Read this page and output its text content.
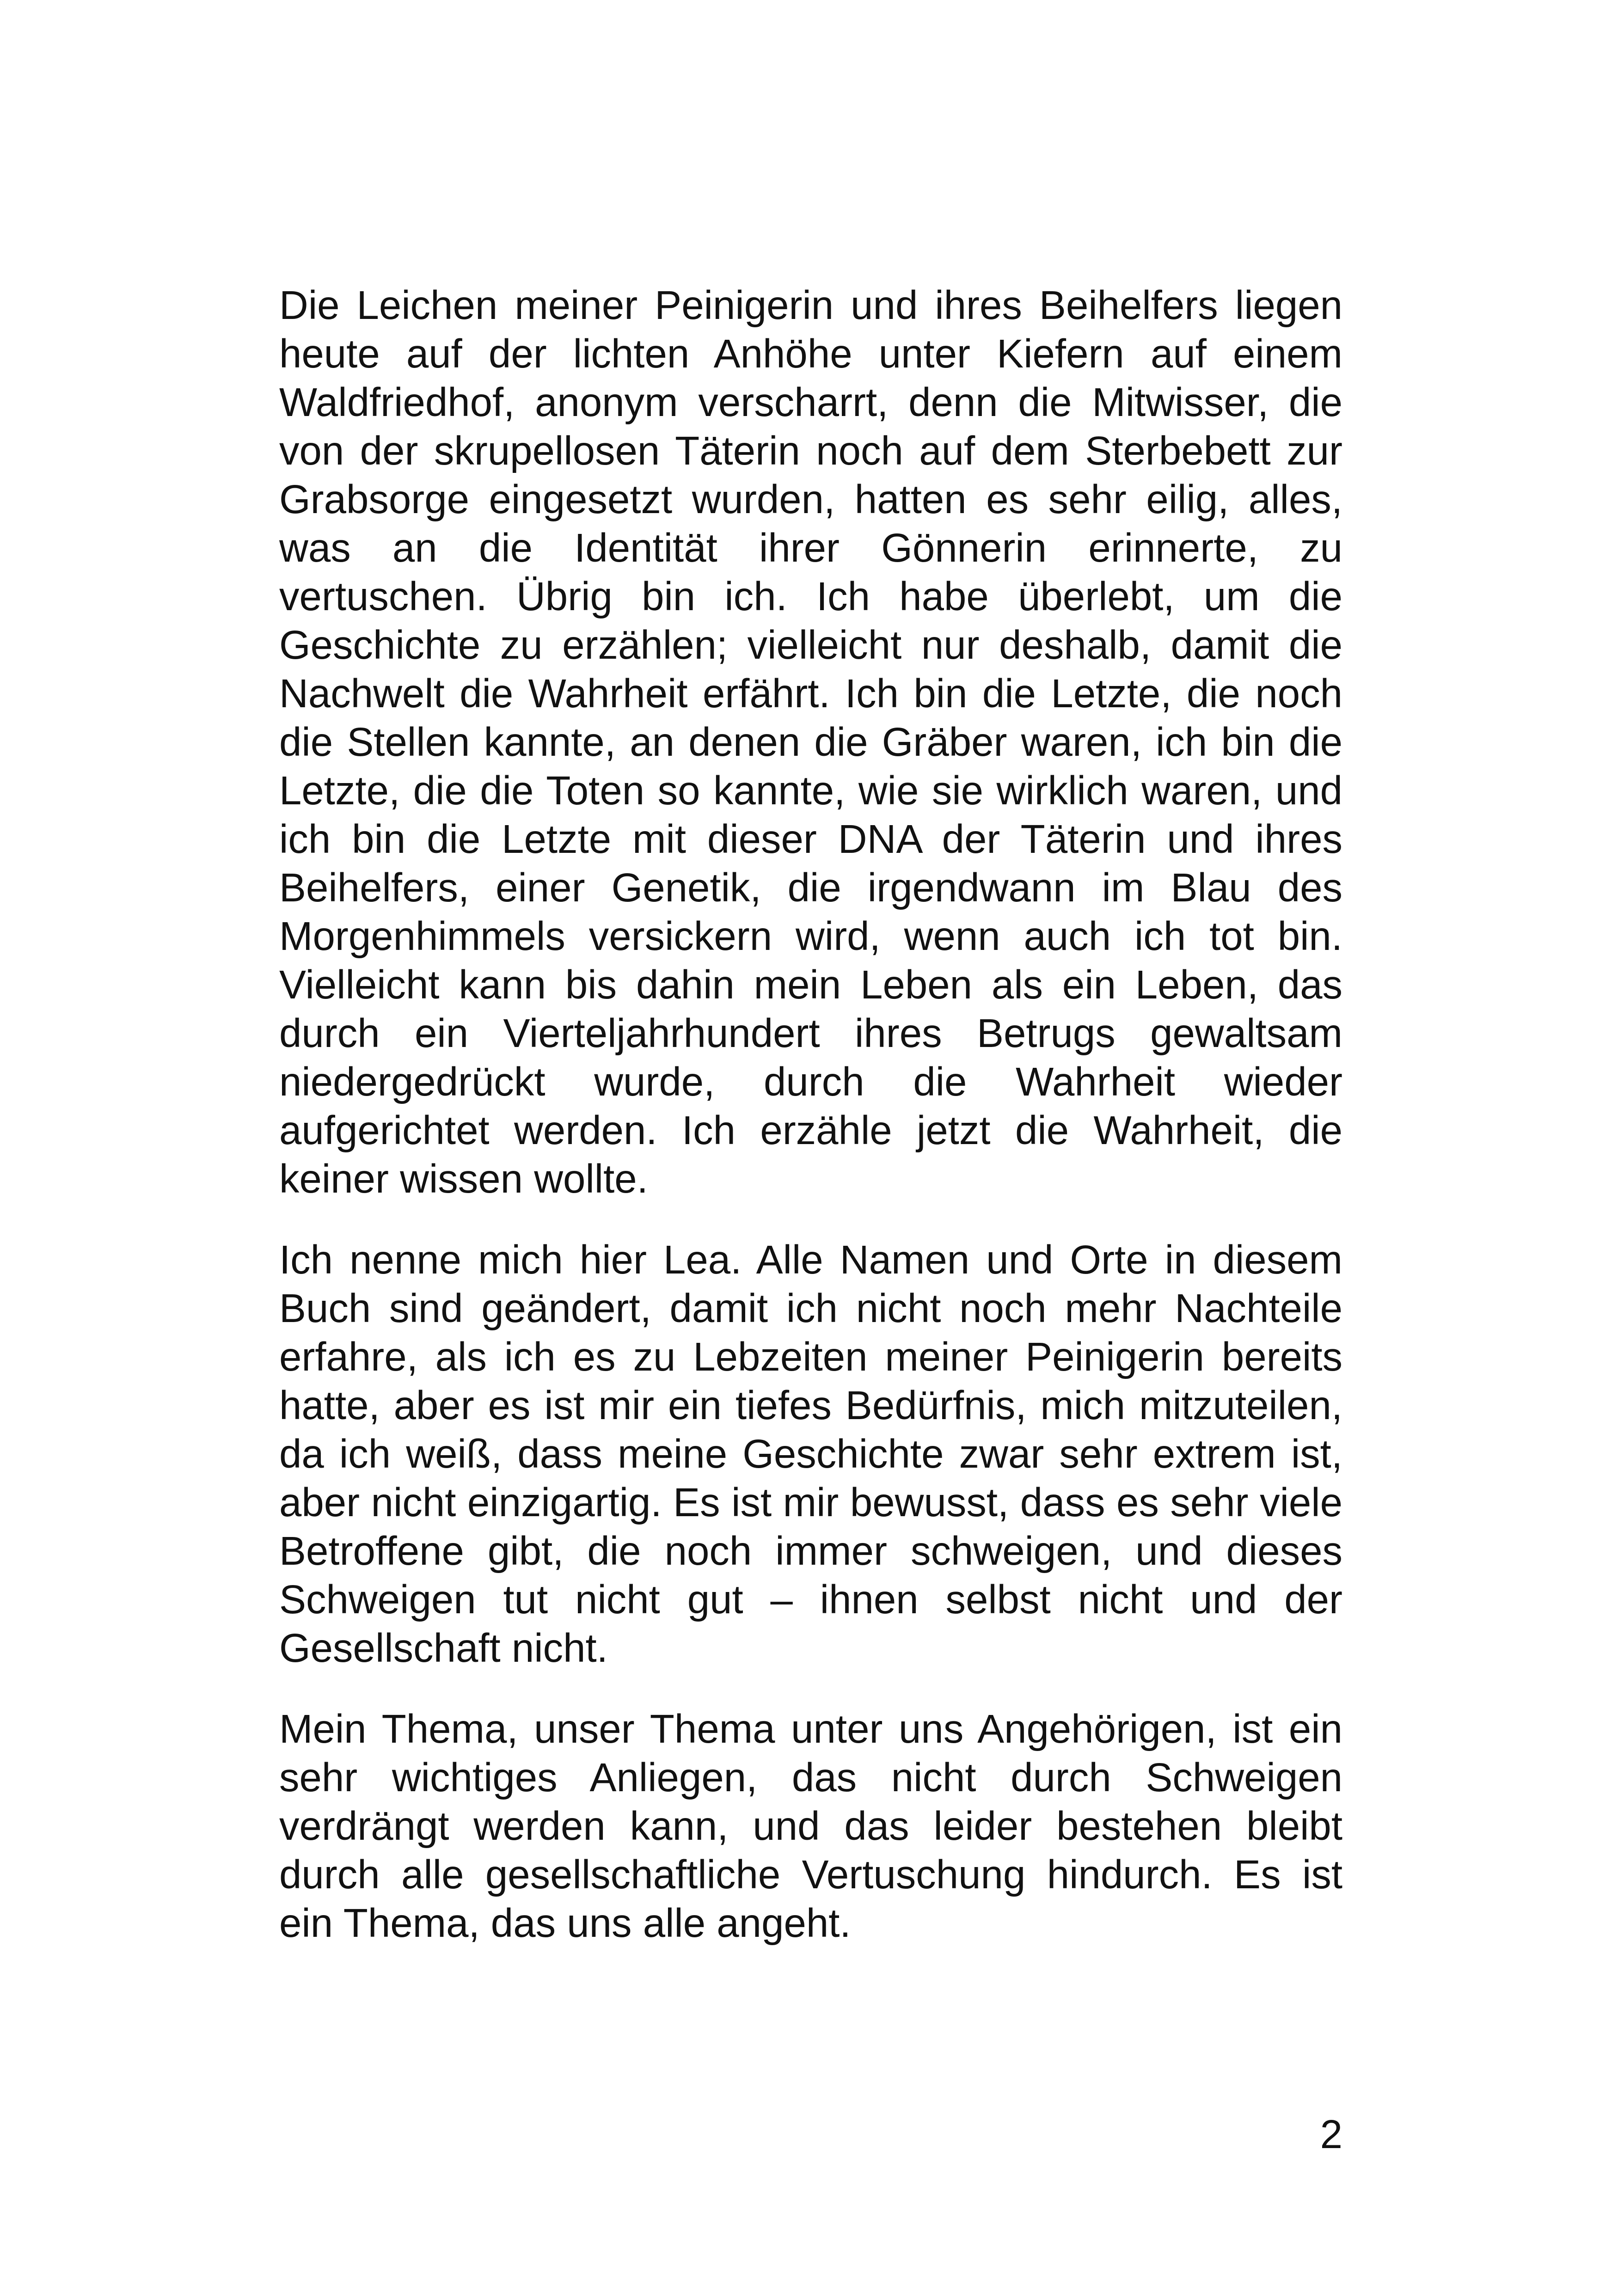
Die Leichen meiner Peinigerin und ihres Beihelfers liegen heute auf der lichten Anhöhe unter Kiefern auf einem Waldfriedhof, anonym verscharrt, denn die Mitwisser, die von der skrupellosen Täterin noch auf dem Sterbebett zur Grabsorge eingesetzt wurden, hatten es sehr eilig, alles, was an die Identität ihrer Gönnerin erinnerte, zu vertuschen. Übrig bin ich. Ich habe überlebt, um die Geschichte zu erzählen; vielleicht nur deshalb, damit die Nachwelt die Wahrheit erfährt. Ich bin die Letzte, die noch die Stellen kannte, an denen die Gräber waren, ich bin die Letzte, die die Toten so kannte, wie sie wirklich waren, und ich bin die Letzte mit dieser DNA der Täterin und ihres Beihelfers, einer Genetik, die irgendwann im Blau des Morgenhimmels versickern wird, wenn auch ich tot bin. Vielleicht kann bis dahin mein Leben als ein Leben, das durch ein Vierteljahrhundert ihres Betrugs gewaltsam niedergedrückt wurde, durch die Wahrheit wieder aufgerichtet werden. Ich erzähle jetzt die Wahrheit, die keiner wissen wollte.

Ich nenne mich hier Lea. Alle Namen und Orte in diesem Buch sind geändert, damit ich nicht noch mehr Nachteile erfahre, als ich es zu Lebzeiten meiner Peinigerin bereits hatte, aber es ist mir ein tiefes Bedürfnis, mich mitzuteilen, da ich weiß, dass meine Geschichte zwar sehr extrem ist, aber nicht einzigartig. Es ist mir bewusst, dass es sehr viele Betroffene gibt, die noch immer schweigen, und dieses Schweigen tut nicht gut – ihnen selbst nicht und der Gesellschaft nicht.

Mein Thema, unser Thema unter uns Angehörigen, ist ein sehr wichtiges Anliegen, das nicht durch Schweigen verdrängt werden kann, und das leider bestehen bleibt durch alle gesellschaftliche Vertuschung hindurch. Es ist ein Thema, das uns alle angeht.

2
